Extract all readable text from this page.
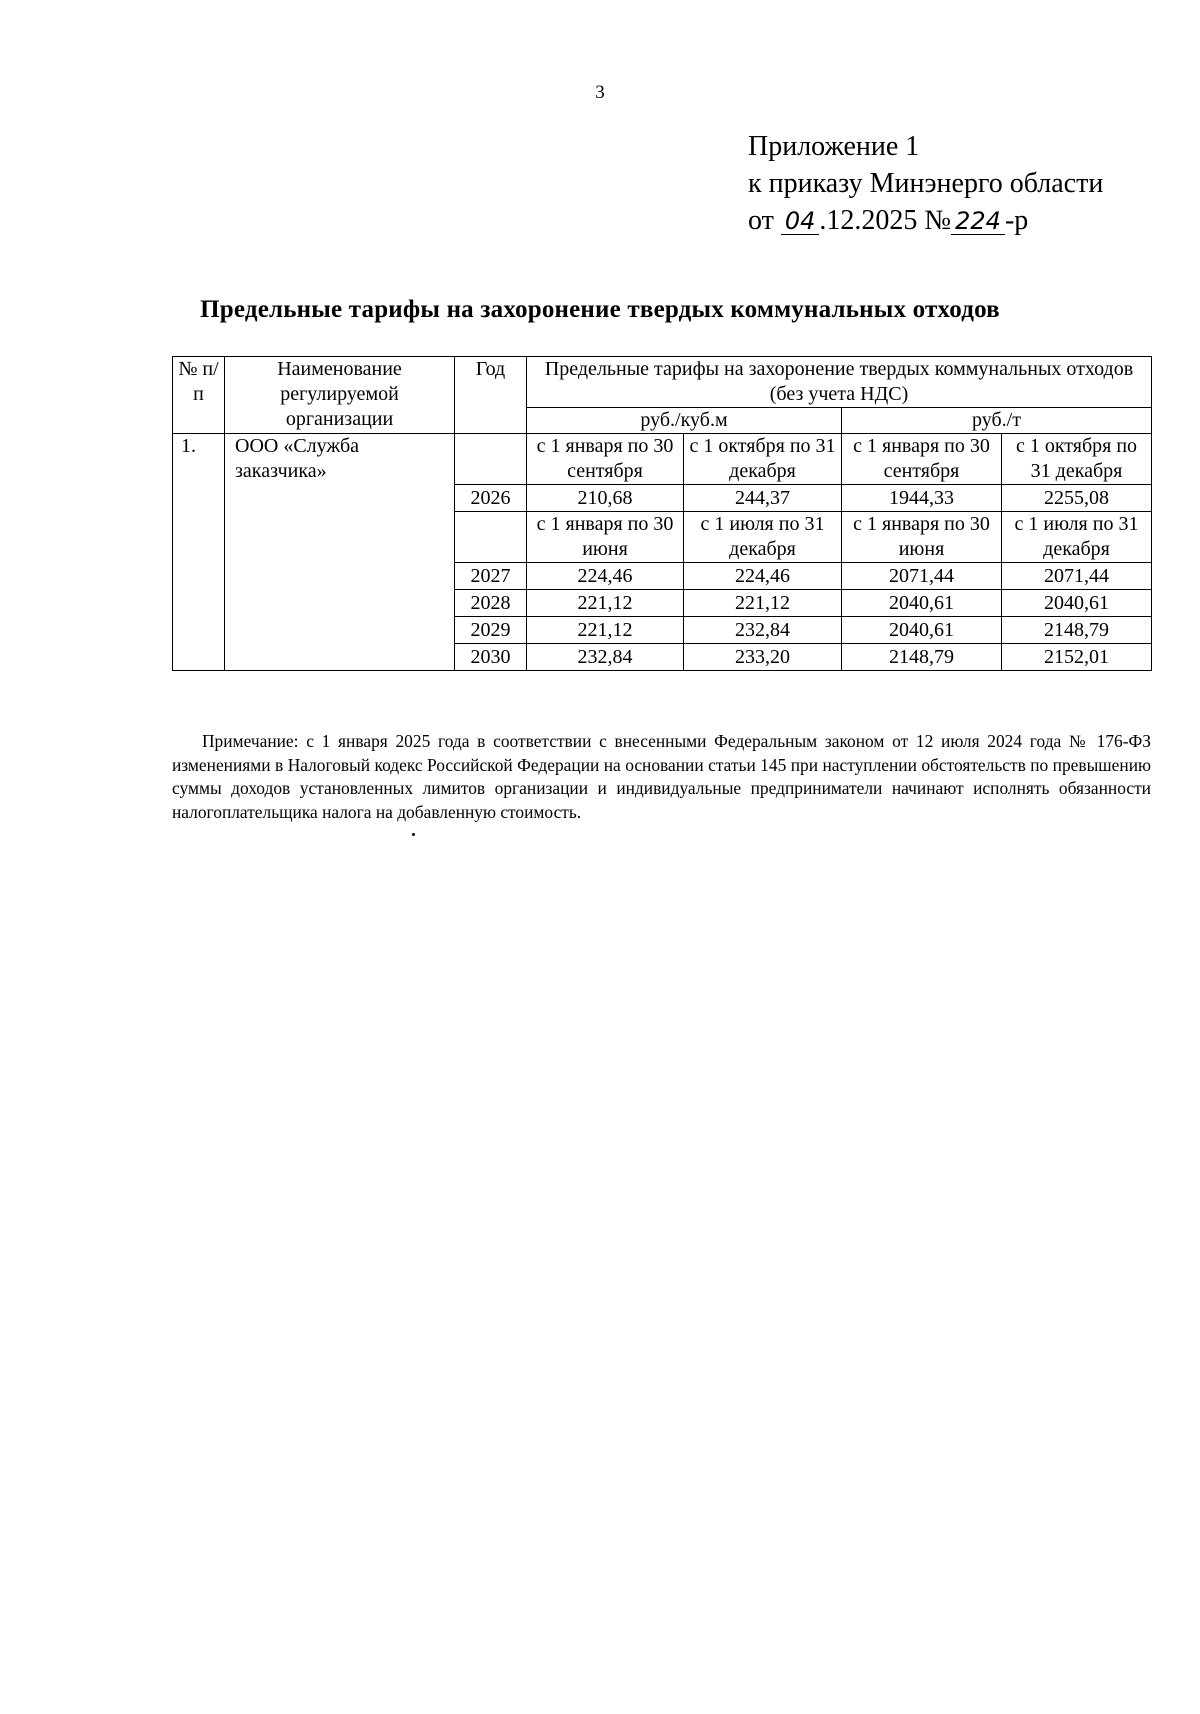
3
Приложение 1
к приказу Минэнерго области
от 04 .12.2025 № 224 -р
Предельные тарифы на захоронение твердых коммунальных отходов
№ п/п	Наименование регулируемой организации	Год	Предельные тарифы на захоронение твердых коммунальных отходов (без учета НДС)			
			руб./куб.м		руб./т	

1.	ООО «Служба заказчика»		с 1 января по 30 сентября	с 1 октября по 31 декабря	с 1 января по 30 сентября	с 1 октября по 31 декабря
		2026	210,68	244,37	1944,33	2255,08
			с 1 января по 30 июня	с 1 июля по 31 декабря	с 1 января по 30 июня	с 1 июля по 31 декабря
		2027	224,46	224,46	2071,44	2071,44
		2028	221,12	221,12	2040,61	2040,61
		2029	221,12	232,84	2040,61	2148,79
		2030	232,84	233,20	2148,79	2152,01
Примечание: с 1 января 2025 года в соответствии с внесенными Федеральным законом от 12 июля 2024 года № 176-ФЗ изменениями в Налоговый кодекс Российской Федерации на основании статьи 145 при наступлении обстоятельств по превышению суммы доходов установленных лимитов организации и индивидуальные предприниматели начинают исполнять обязанности налогоплательщика налога на добавленную стоимость.
